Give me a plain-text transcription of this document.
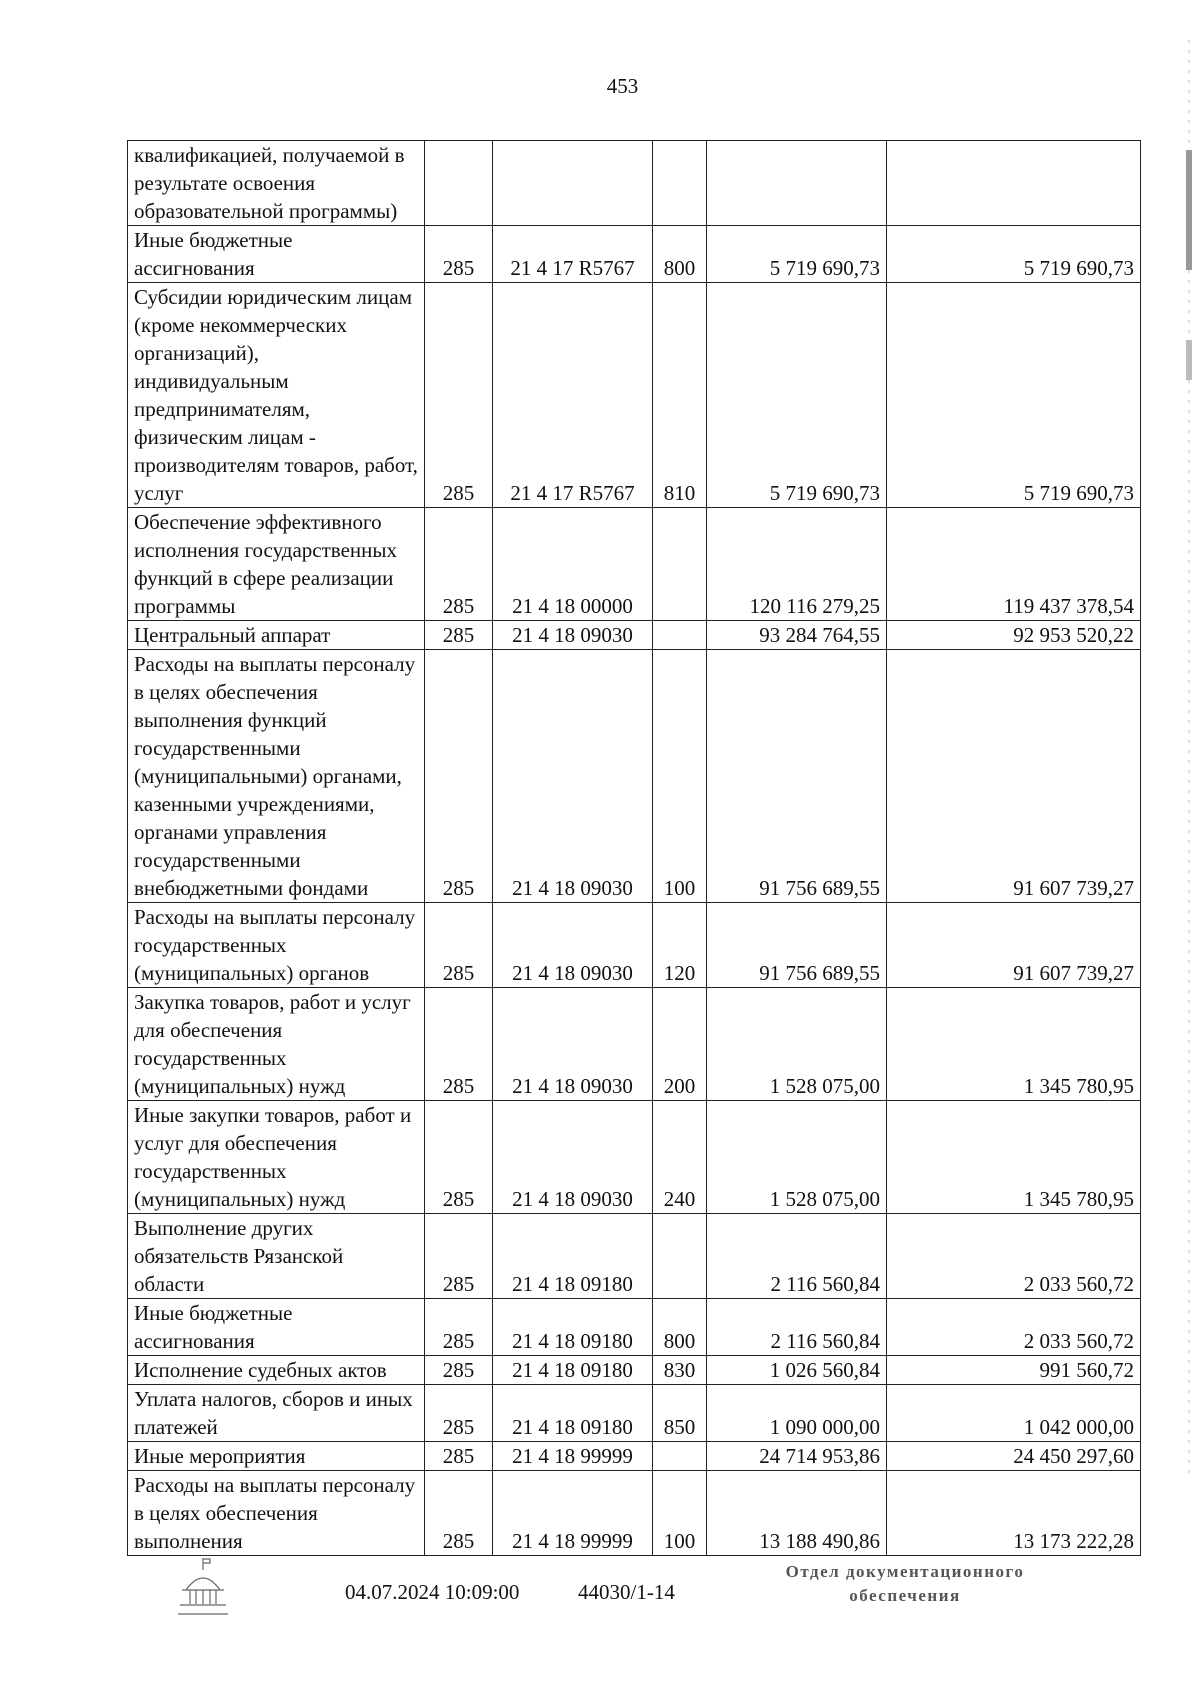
453
квалификацией, получаемой в результате освоения образовательной программы)					
Иные бюджетные ассигнования	285	21 4 17 R5767	800	5 719 690,73	5 719 690,73
Субсидии юридическим лицам (кроме некоммерческих организаций), индивидуальным предпринимателям, физическим лицам - производителям товаров, работ, услуг	285	21 4 17 R5767	810	5 719 690,73	5 719 690,73
Обеспечение эффективного исполнения государственных функций в сфере реализации программы	285	21 4 18 00000		120 116 279,25	119 437 378,54
Центральный аппарат	285	21 4 18 09030		93 284 764,55	92 953 520,22
Расходы на выплаты персоналу в целях обеспечения выполнения функций государственными (муниципальными) органами, казенными учреждениями, органами управления государственными внебюджетными фондами	285	21 4 18 09030	100	91 756 689,55	91 607 739,27
Расходы на выплаты персоналу государственных (муниципальных) органов	285	21 4 18 09030	120	91 756 689,55	91 607 739,27
Закупка товаров, работ и услуг для обеспечения государственных (муниципальных) нужд	285	21 4 18 09030	200	1 528 075,00	1 345 780,95
Иные закупки товаров, работ и услуг для обеспечения государственных (муниципальных) нужд	285	21 4 18 09030	240	1 528 075,00	1 345 780,95
Выполнение других обязательств Рязанской области	285	21 4 18 09180		2 116 560,84	2 033 560,72
Иные бюджетные ассигнования	285	21 4 18 09180	800	2 116 560,84	2 033 560,72
Исполнение судебных актов	285	21 4 18 09180	830	1 026 560,84	991 560,72
Уплата налогов, сборов и иных платежей	285	21 4 18 09180	850	1 090 000,00	1 042 000,00
Иные мероприятия	285	21 4 18 99999		24 714 953,86	24 450 297,60
Расходы на выплаты персоналу в целях обеспечения выполнения	285	21 4 18 99999	100	13 188 490,86	13 173 222,28
04.07.2024 10:09:00	44030/1-14
Отдел документационного
обеспечения
